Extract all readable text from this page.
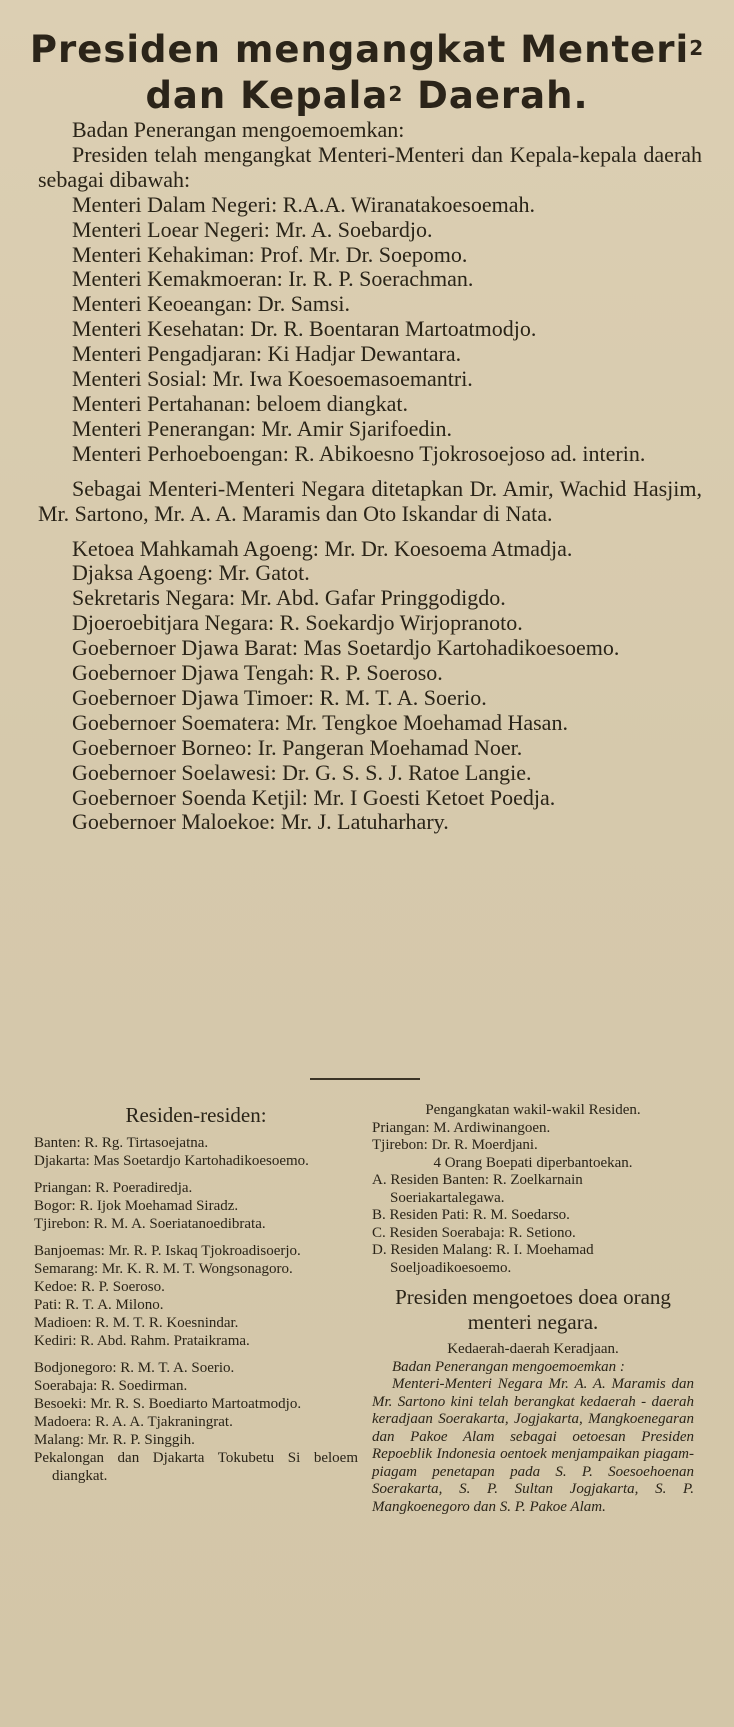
Presiden mengangkat Menteri$^2$
dan Kepala$^2$ Daerah.

Badan Penerangan mengoemoemkan:

Presiden telah mengangkat Menteri-Menteri dan Kepala-kepala daerah sebagai dibawah:

Menteri Dalam Negeri: R.A.A. Wiranatakoesoemah.

Menteri Loear Negeri: Mr. A. Soebardjo.

Menteri Kehakiman: Prof. Mr. Dr. Soepomo.

Menteri Kemakmoeran: Ir. R. P. Soerachman.

Menteri Keoeangan: Dr. Samsi.

Menteri Kesehatan: Dr. R. Boentaran Martoatmodjo.

Menteri Pengadjaran: Ki Hadjar Dewantara.

Menteri Sosial: Mr. Iwa Koesoemasoemantri.

Menteri Pertahanan: beloem diangkat.

Menteri Penerangan: Mr. Amir Sjarifoedin.

Menteri Perhoeboengan: R. Abikoesno Tjokrosoejoso ad. interin.

Sebagai Menteri-Menteri Negara ditetapkan Dr. Amir, Wachid Hasjim, Mr. Sartono, Mr. A. A. Maramis dan Oto Iskandar di Nata.

Ketoea Mahkamah Agoeng: Mr. Dr. Koesoema Atmadja.

Djaksa Agoeng: Mr. Gatot.

Sekretaris Negara: Mr. Abd. Gafar Pringgodigdo.

Djoeroebitjara Negara: R. Soekardjo Wirjopranoto.

Goebernoer Djawa Barat: Mas Soetardjo Kartohadikoesoemo.

Goebernoer Djawa Tengah: R. P. Soeroso.

Goebernoer Djawa Timoer: R. M. T. A. Soerio.

Goebernoer Soematera: Mr. Tengkoe Moehamad Hasan.

Goebernoer Borneo: Ir. Pangeran Moehamad Noer.

Goebernoer Soelawesi: Dr. G. S. S. J. Ratoe Langie.

Goebernoer Soenda Ketjil: Mr. I Goesti Ketoet Poedja.

Goebernoer Maloekoe: Mr. J. Latuharhary.

Residen-residen:

Banten: R. Rg. Tirtasoejatna.

Djakarta: Mas Soetardjo Kartohadikoesoemo.

Priangan: R. Poeradiredja.

Bogor: R. Ijok Moehamad Siradz.

Tjirebon: R. M. A. Soeriatanoedibrata.

Banjoemas: Mr. R. P. Iskaq Tjokroadisoerjo.

Semarang: Mr. K. R. M. T. Wongsonagoro.

Kedoe: R. P. Soeroso.

Pati: R. T. A. Milono.

Madioen: R. M. T. R. Koesnindar.

Kediri: R. Abd. Rahm. Prataikrama.

Bodjonegoro: R. M. T. A. Soerio.

Soerabaja: R. Soedirman.

Besoeki: Mr. R. S. Boediarto Martoatmodjo.

Madoera: R. A. A. Tjakraningrat.

Malang: Mr. R. P. Singgih.

Pekalongan dan Djakarta Tokubetu Si beloem diangkat.

Pengangkatan wakil-wakil Residen.

Priangan: M. Ardiwinangoen.

Tjirebon: Dr. R. Moerdjani.

4 Orang Boepati diperbantoekan.

A. Residen Banten: R. Zoelkarnain Soeriakartalegawa.

B. Residen Pati: R. M. Soedarso.

C. Residen Soerabaja: R. Setiono.

D. Residen Malang: R. I. Moehamad Soeljoadikoesoemo.

Presiden mengoetoes doea orang menteri negara.

Kedaerah-daerah Keradjaan.

Badan Penerangan mengoemoemkan :

Menteri-Menteri Negara Mr. A. A. Maramis dan Mr. Sartono kini telah berangkat kedaerah - daerah keradjaan Soerakarta, Jogjakarta, Mangkoenegaran dan Pakoe Alam sebagai oetoesan Presiden Repoeblik Indonesia oentoek menjampaikan piagam-piagam penetapan pada S. P. Soesoehoenan Soerakarta, S. P. Sultan Jogjakarta, S. P. Mangkoenegoro dan S. P. Pakoe Alam.
